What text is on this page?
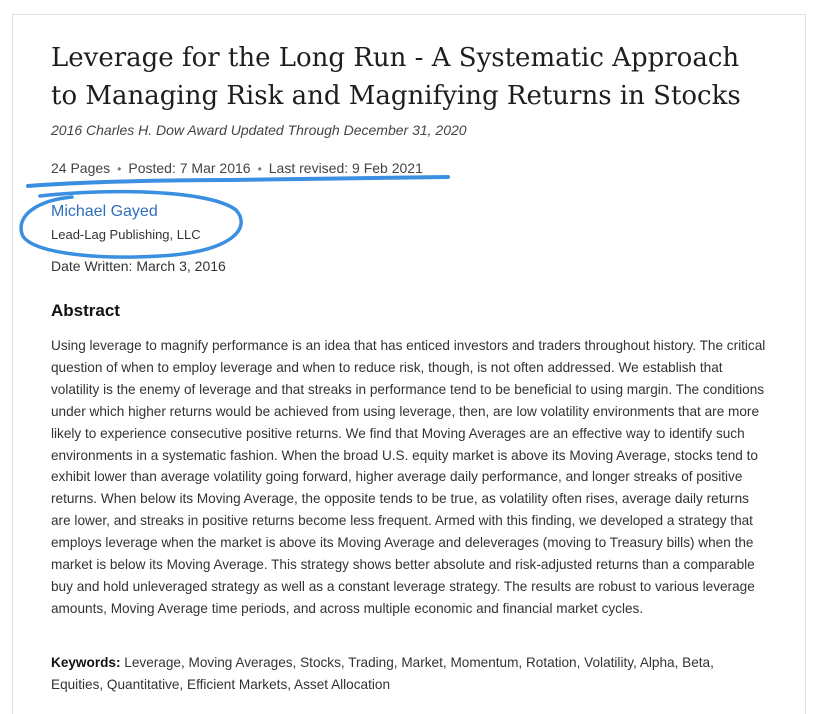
Leverage for the Long Run - A Systematic Approach to Managing Risk and Magnifying Returns in Stocks
2016 Charles H. Dow Award Updated Through December 31, 2020
24 Pages • Posted: 7 Mar 2016 • Last revised: 9 Feb 2021
Michael Gayed
Lead-Lag Publishing, LLC
Date Written: March 3, 2016
Abstract

Using leverage to magnify performance is an idea that has enticed investors and traders throughout history. The critical question of when to employ leverage and when to reduce risk, though, is not often addressed. We establish that volatility is the enemy of leverage and that streaks in performance tend to be beneficial to using margin. The conditions under which higher returns would be achieved from using leverage, then, are low volatility environments that are more likely to experience consecutive positive returns. We find that Moving Averages are an effective way to identify such environments in a systematic fashion. When the broad U.S. equity market is above its Moving Average, stocks tend to exhibit lower than average volatility going forward, higher average daily performance, and longer streaks of positive returns. When below its Moving Average, the opposite tends to be true, as volatility often rises, average daily returns are lower, and streaks in positive returns become less frequent. Armed with this finding, we developed a strategy that employs leverage when the market is above its Moving Average and deleverages (moving to Treasury bills) when the market is below its Moving Average. This strategy shows better absolute and risk-adjusted returns than a comparable buy and hold unleveraged strategy as well as a constant leverage strategy. The results are robust to various leverage amounts, Moving Average time periods, and across multiple economic and financial market cycles.

Keywords: Leverage, Moving Averages, Stocks, Trading, Market, Momentum, Rotation, Volatility, Alpha, Beta, Equities, Quantitative, Efficient Markets, Asset Allocation
